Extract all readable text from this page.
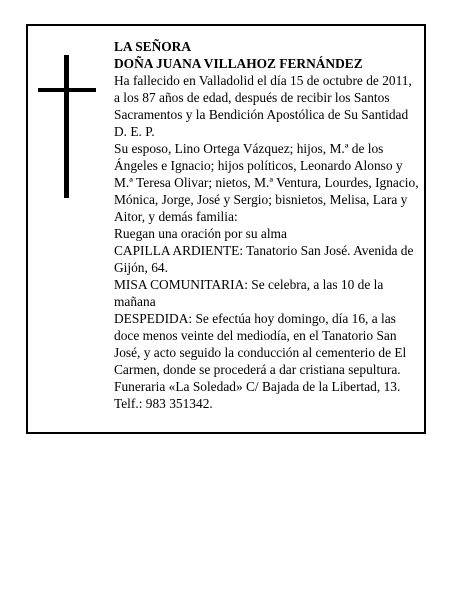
LA SEÑORA
DOÑA JUANA VILLAHOZ FERNÁNDEZ

Ha fallecido en Valladolid el día 15 de octubre de 2011, a los 87 años de edad, después de recibir los Santos Sacramentos y la Bendición Apostólica de Su Santidad D. E. P.

Su esposo, Lino Ortega Vázquez; hijos, M.ª de los Ángeles e Ignacio; hijos políticos, Leonardo Alonso y M.ª Teresa Olivar; nietos, M.ª Ventura, Lourdes, Ignacio, Mónica, Jorge, José y Sergio; bisnietos, Melisa, Lara y Aitor, y demás familia:

Ruegan una oración por su alma

CAPILLA ARDIENTE: Tanatorio San José. Avenida de Gijón, 64.

MISA COMUNITARIA: Se celebra, a las 10 de la mañana

DESPEDIDA: Se efectúa hoy domingo, día 16, a las doce menos veinte del mediodía, en el Tanatorio San José, y acto seguido la conducción al cementerio de El Carmen, donde se procederá a dar cristiana sepultura.

Funeraria «La Soledad» C/ Bajada de la Libertad, 13. Telf.: 983 351342.
